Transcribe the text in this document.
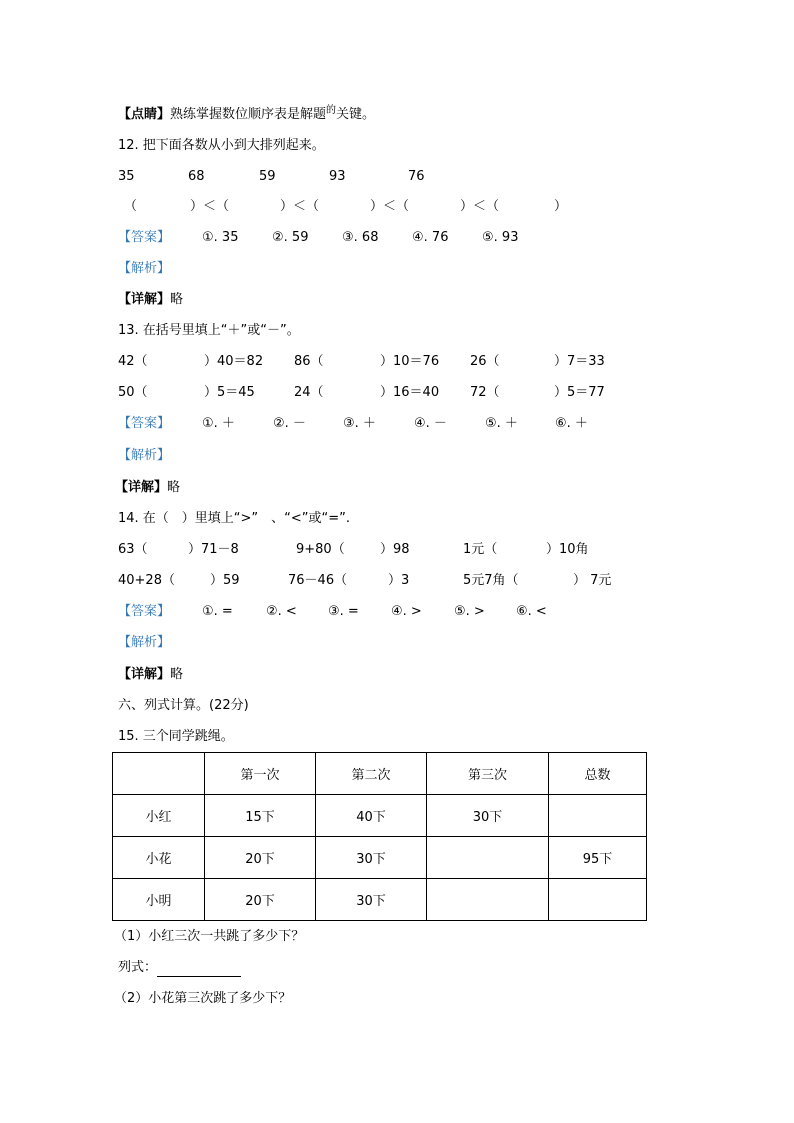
【点睛】熟练掌握数位顺序表是解题$^的$关键。
12. 把下面各数从小到大排列起来。
35	68	59	93	76
（	）＜（	）＜（	）＜（	）＜（	）
【答案】 ①. 35	②. 59	③. 68	④. 76	⑤. 93
【解析】
【详解】略
13. 在括号里填上“＋”或“－”。
42（	）40＝82 86（	）10＝76 26（	）7＝33
50（	）5＝45	24（	）16＝40 72（	）5＝77
【答案】 ①. ＋	②. －	③. ＋	④. －	⑤. ＋	⑥. ＋
【解析】
【详解】略
14. 在（　）里填上“>”　、“<”或“=”.
63（	）71－8	9+80（	）98	1元（	）10角
40+28（	）59	76－46（	）3	5元7角（	） 7元
【答案】 ①. =	②. < ③. = ④. > ⑤. > ⑥. <
【解析】
【详解】略
六、列式计算。(22分)
15. 三个同学跳绳。
	第一次	第二次	第三次	总数
小红	15下	40下	30下	
小花	20下	30下		95下
小明	20下	30下		
（1）小红三次一共跳了多少下？
列式：
（2）小花第三次跳了多少下？
